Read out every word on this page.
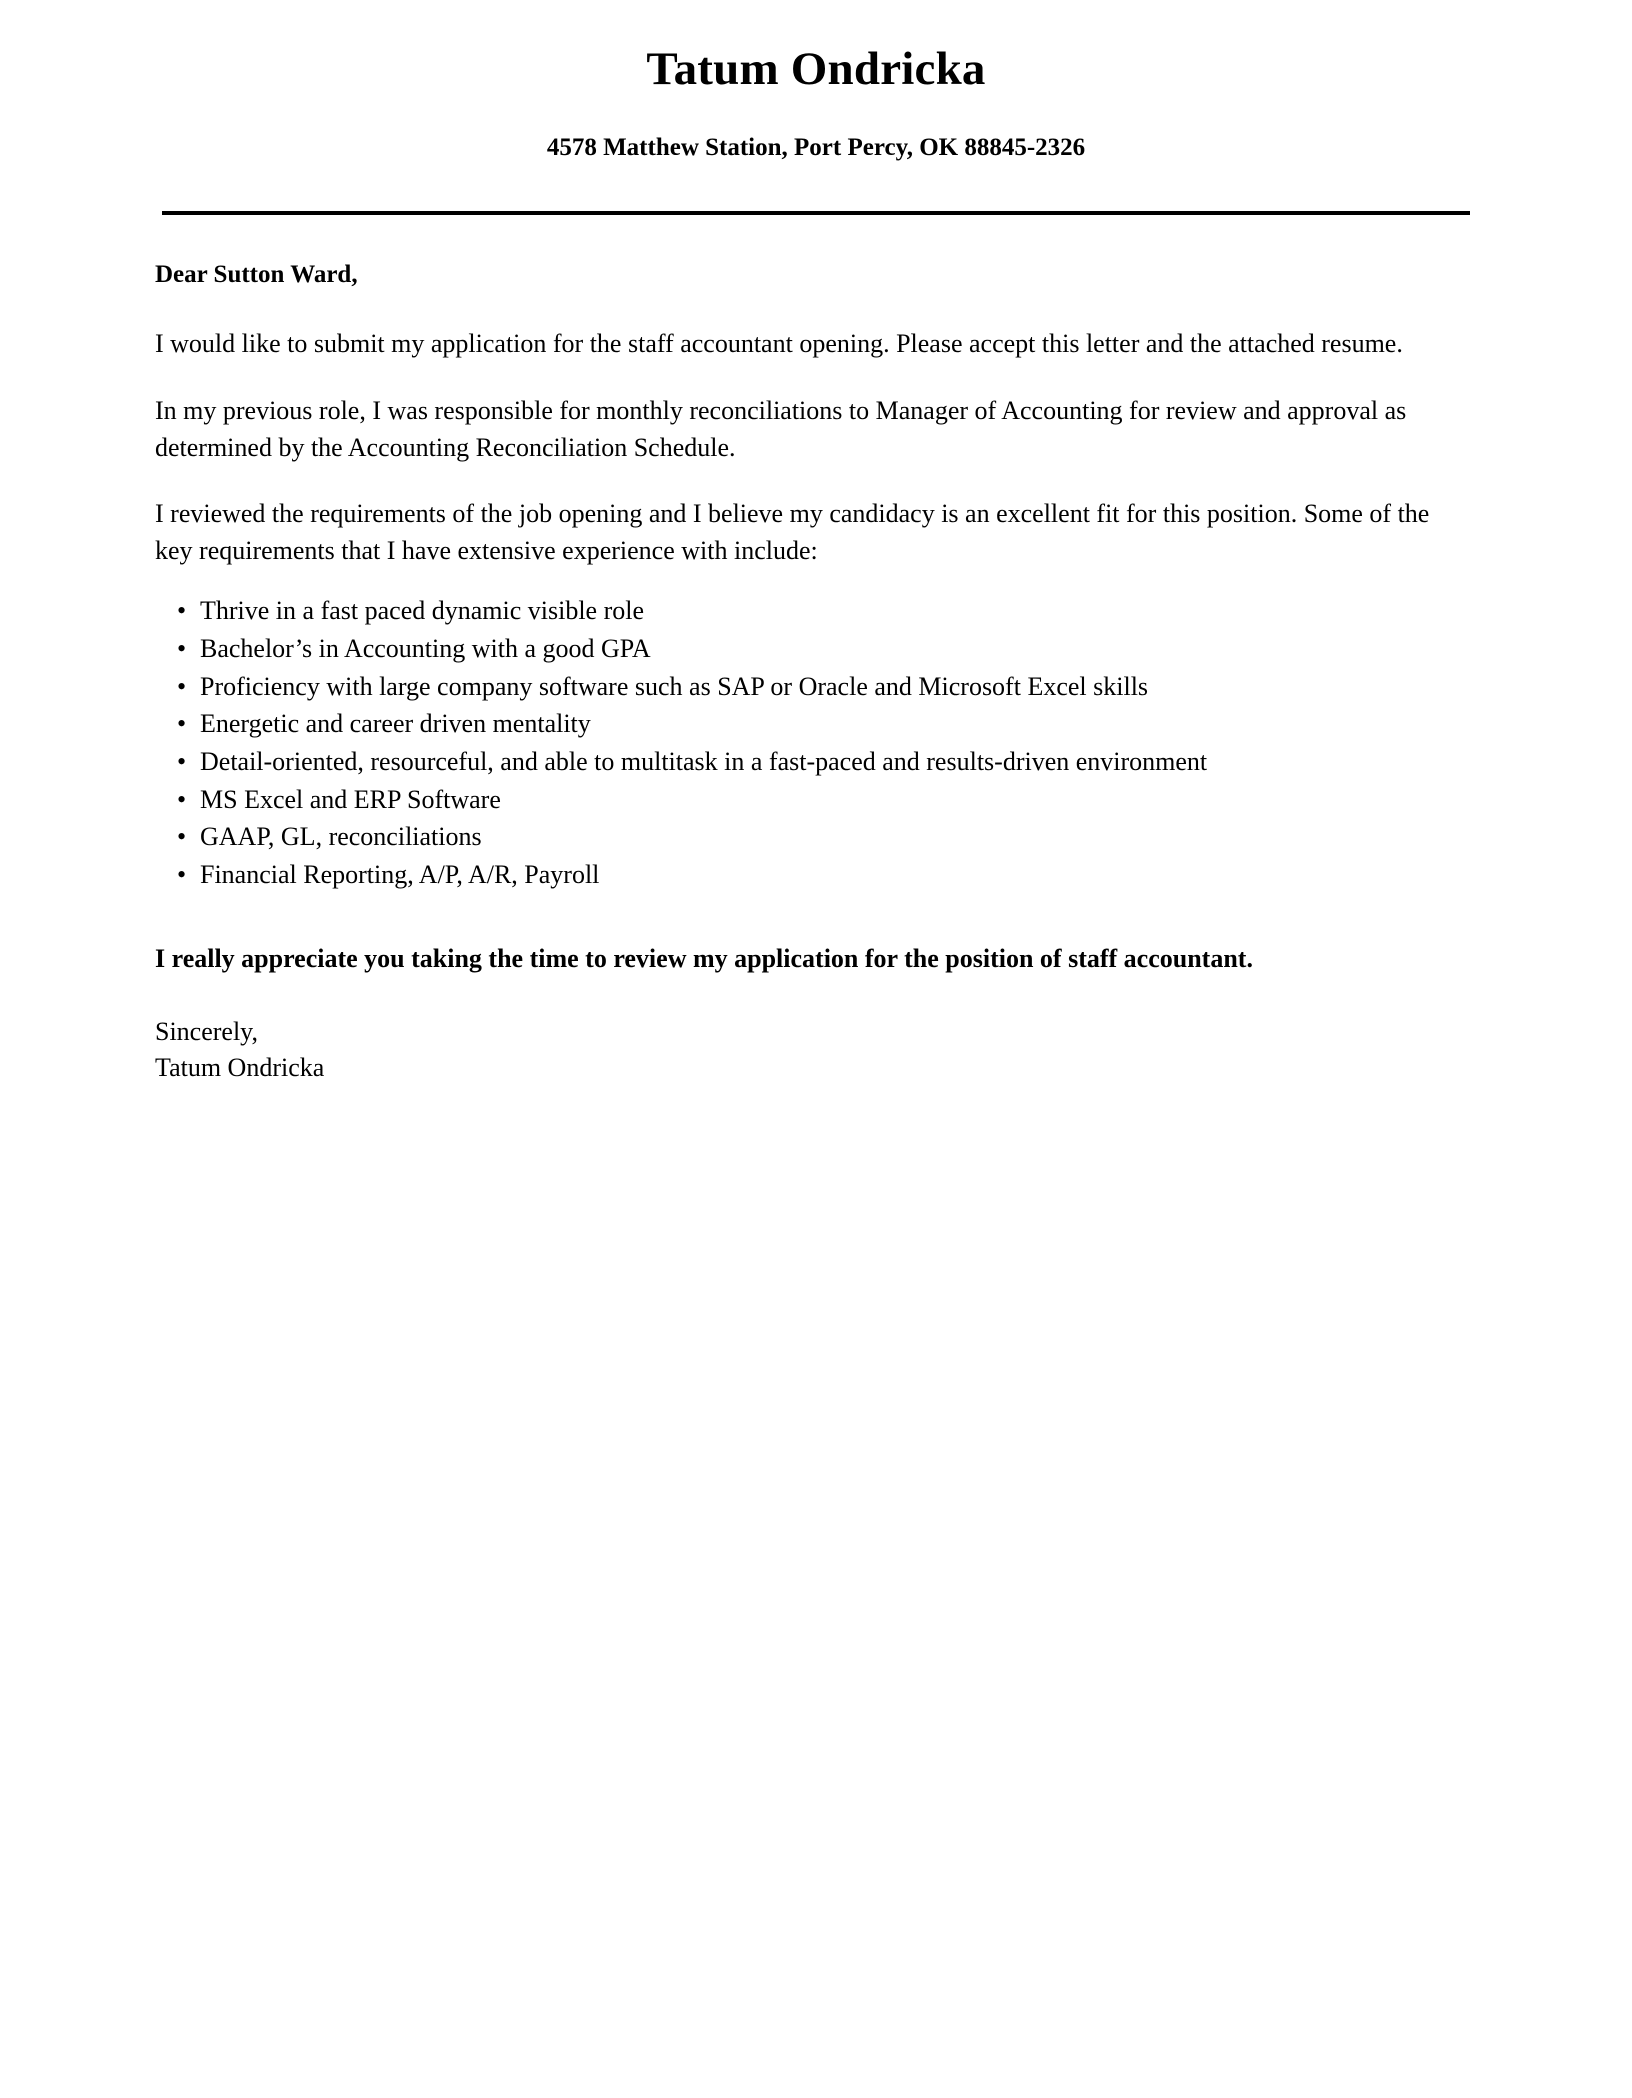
Tatum Ondricka
4578 Matthew Station, Port Percy, OK 88845-2326
Dear Sutton Ward,

I would like to submit my application for the staff accountant opening. Please accept this letter and the attached resume.

In my previous role, I was responsible for monthly reconciliations to Manager of Accounting for review and approval as determined by the Accounting Reconciliation Schedule.

I reviewed the requirements of the job opening and I believe my candidacy is an excellent fit for this position. Some of the key requirements that I have extensive experience with include:

• Thrive in a fast paced dynamic visible role
• Bachelor’s in Accounting with a good GPA
• Proficiency with large company software such as SAP or Oracle and Microsoft Excel skills
• Energetic and career driven mentality
• Detail-oriented, resourceful, and able to multitask in a fast-paced and results-driven environment
• MS Excel and ERP Software
• GAAP, GL, reconciliations
• Financial Reporting, A/P, A/R, Payroll

I really appreciate you taking the time to review my application for the position of staff accountant.

Sincerely,
Tatum Ondricka
